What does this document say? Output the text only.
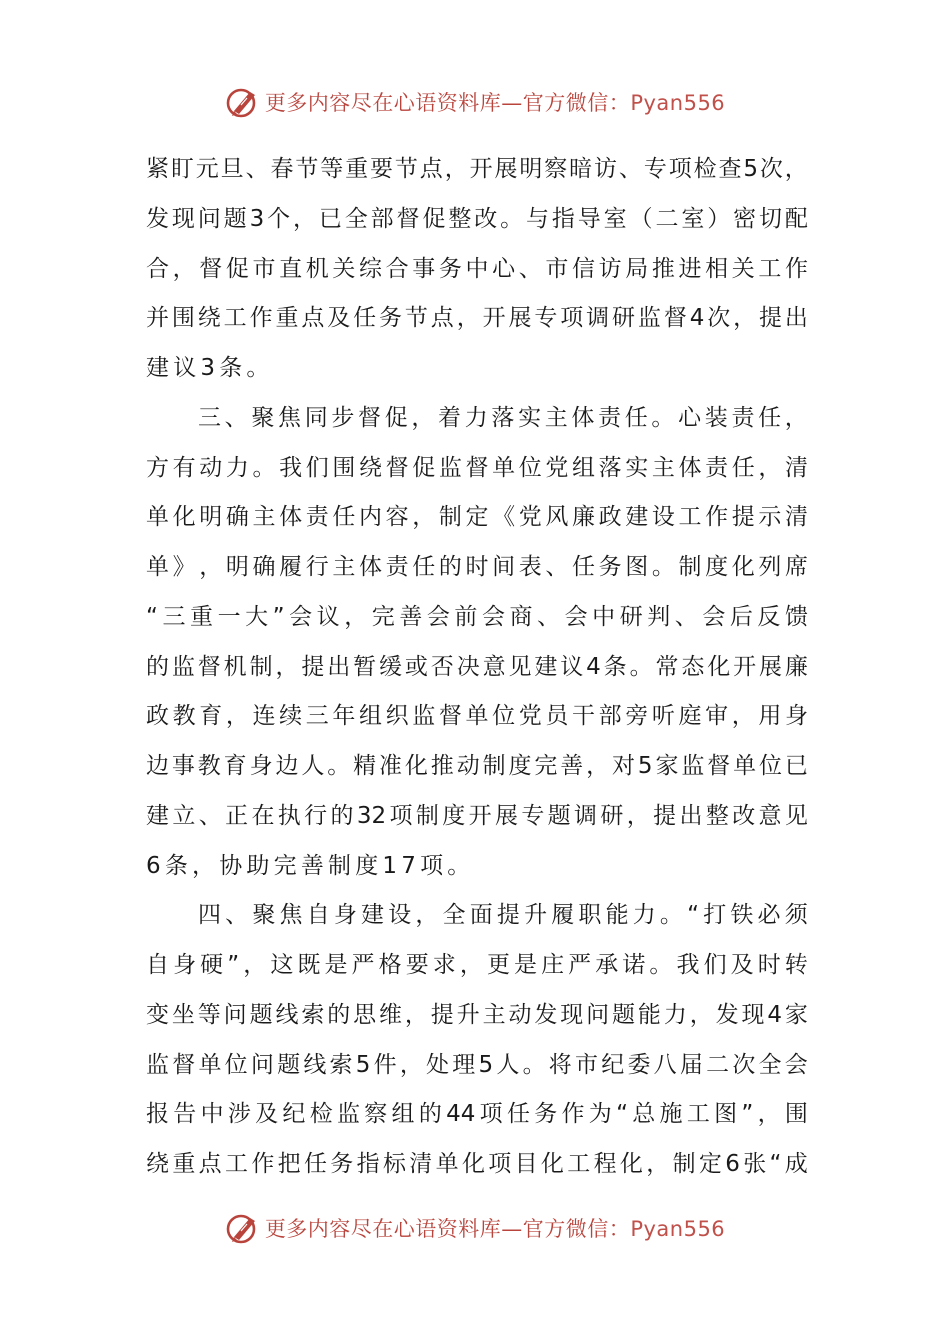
更多内容尽在心语资料库—官方微信：Pyan556
紧 盯 元 旦 、 春 节 等 重 要 节 点 ， 开 展 明 察 暗 访 、 专 项 检 查 5 次 ，
发 现 问 题 3 个 ， 已 全 部 督 促 整 改 。 与 指 导 室 （ 二 室 ） 密 切 配
合 ， 督 促 市 直 机 关 综 合 事 务 中 心 、 市 信 访 局 推 进 相 关 工 作
并 围 绕 工 作 重 点 及 任 务 节 点 ， 开 展 专 项 调 研 监 督 4 次 ， 提 出
建议3条。
三 、 聚 焦 同 步 督 促 ， 着 力 落 实 主 体 责 任 。 心 装 责 任 ，
方 有 动 力 。 我 们 围 绕 督 促 监 督 单 位 党 组 落 实 主 体 责 任 ， 清
单 化 明 确 主 体 责 任 内 容 ， 制 定 《 党 风 廉 政 建 设 工 作 提 示 清
单 》 ， 明 确 履 行 主 体 责 任 的 时 间 表 、 任 务 图 。 制 度 化 列 席
“ 三 重 一 大 ” 会 议 ， 完 善 会 前 会 商 、 会 中 研 判 、 会 后 反 馈
的 监 督 机 制 ， 提 出 暂 缓 或 否 决 意 见 建 议 4 条 。 常 态 化 开 展 廉
政 教 育 ， 连 续 三 年 组 织 监 督 单 位 党 员 干 部 旁 听 庭 审 ， 用 身
边 事 教 育 身 边 人 。 精 准 化 推 动 制 度 完 善 ， 对 5 家 监 督 单 位 已
建 立 、 正 在 执 行 的 32 项 制 度 开 展 专 题 调 研 ， 提 出 整 改 意 见
6条，协助完善制度17项。
四 、 聚 焦 自 身 建 设 ， 全 面 提 升 履 职 能 力 。 “ 打 铁 必 须
自 身 硬 ” ， 这 既 是 严 格 要 求 ， 更 是 庄 严 承 诺 。 我 们 及 时 转
变 坐 等 问 题 线 索 的 思 维 ， 提 升 主 动 发 现 问 题 能 力 ， 发 现 4 家
监 督 单 位 问 题 线 索 5 件 ， 处 理 5 人 。 将 市 纪 委 八 届 二 次 全 会
报 告 中 涉 及 纪 检 监 察 组 的 44 项 任 务 作 为 “ 总 施 工 图 ” ， 围
绕 重 点 工 作 把 任 务 指 标 清 单 化 项 目 化 工 程 化 ， 制 定 6 张 “ 成
更多内容尽在心语资料库—官方微信：Pyan556
